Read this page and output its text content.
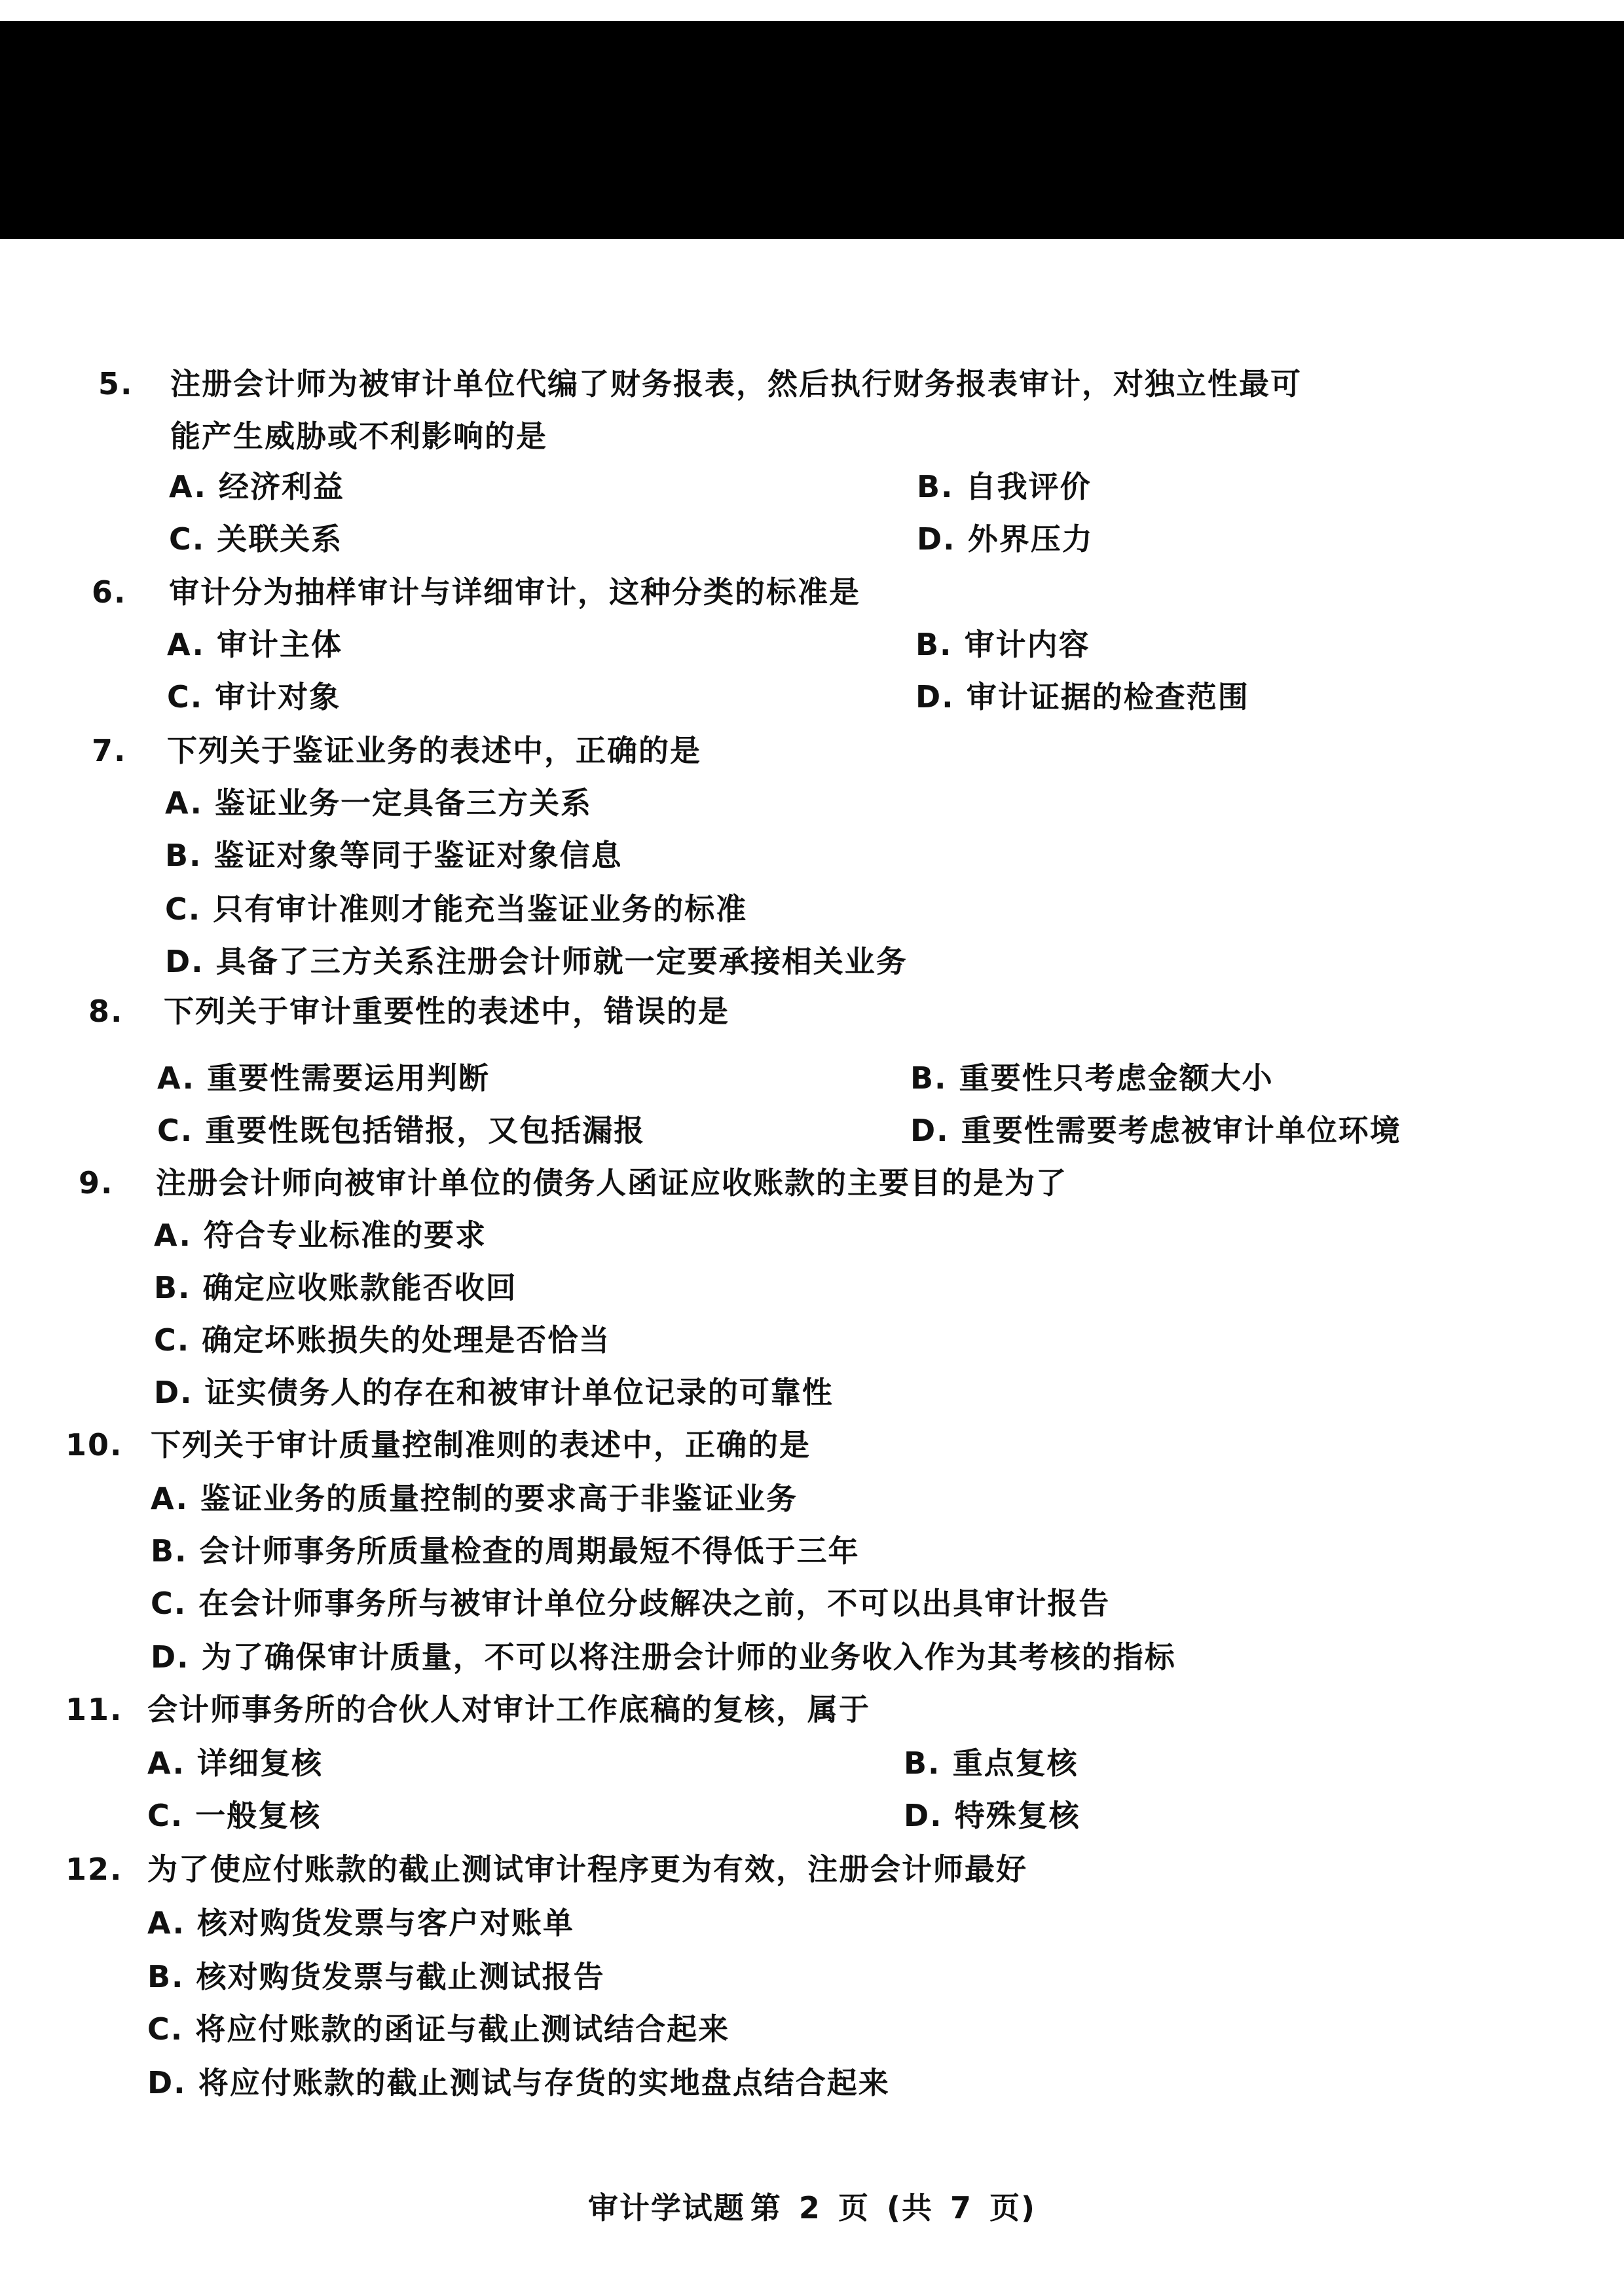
5. 注册会计师为被审计单位代编了财务报表，然后执行财务报表审计，对独立性最可
能产生威胁或不利影响的是
A. 经济利益	B. 自我评价
C. 关联关系	D. 外界压力
6. 审计分为抽样审计与详细审计，这种分类的标准是
A. 审计主体	B. 审计内容
C. 审计对象	D. 审计证据的检查范围
7. 下列关于鉴证业务的表述中，正确的是
A. 鉴证业务一定具备三方关系
B. 鉴证对象等同于鉴证对象信息
C. 只有审计准则才能充当鉴证业务的标准
D. 具备了三方关系注册会计师就一定要承接相关业务
8. 下列关于审计重要性的表述中，错误的是
A. 重要性需要运用判断	B. 重要性只考虑金额大小
C. 重要性既包括错报，又包括漏报	D. 重要性需要考虑被审计单位环境
9. 注册会计师向被审计单位的债务人函证应收账款的主要目的是为了
A. 符合专业标准的要求
B. 确定应收账款能否收回
C. 确定坏账损失的处理是否恰当
D. 证实债务人的存在和被审计单位记录的可靠性
10. 下列关于审计质量控制准则的表述中，正确的是
A. 鉴证业务的质量控制的要求高于非鉴证业务
B. 会计师事务所质量检查的周期最短不得低于三年
C. 在会计师事务所与被审计单位分歧解决之前，不可以出具审计报告
D. 为了确保审计质量，不可以将注册会计师的业务收入作为其考核的指标
11. 会计师事务所的合伙人对审计工作底稿的复核，属于
A. 详细复核	B. 重点复核
C. 一般复核	D. 特殊复核
12. 为了使应付账款的截止测试审计程序更为有效，注册会计师最好
A. 核对购货发票与客户对账单
B. 核对购货发票与截止测试报告
C. 将应付账款的函证与截止测试结合起来
D. 将应付账款的截止测试与存货的实地盘点结合起来
审计学试题 第 2 页 (共 7 页)
